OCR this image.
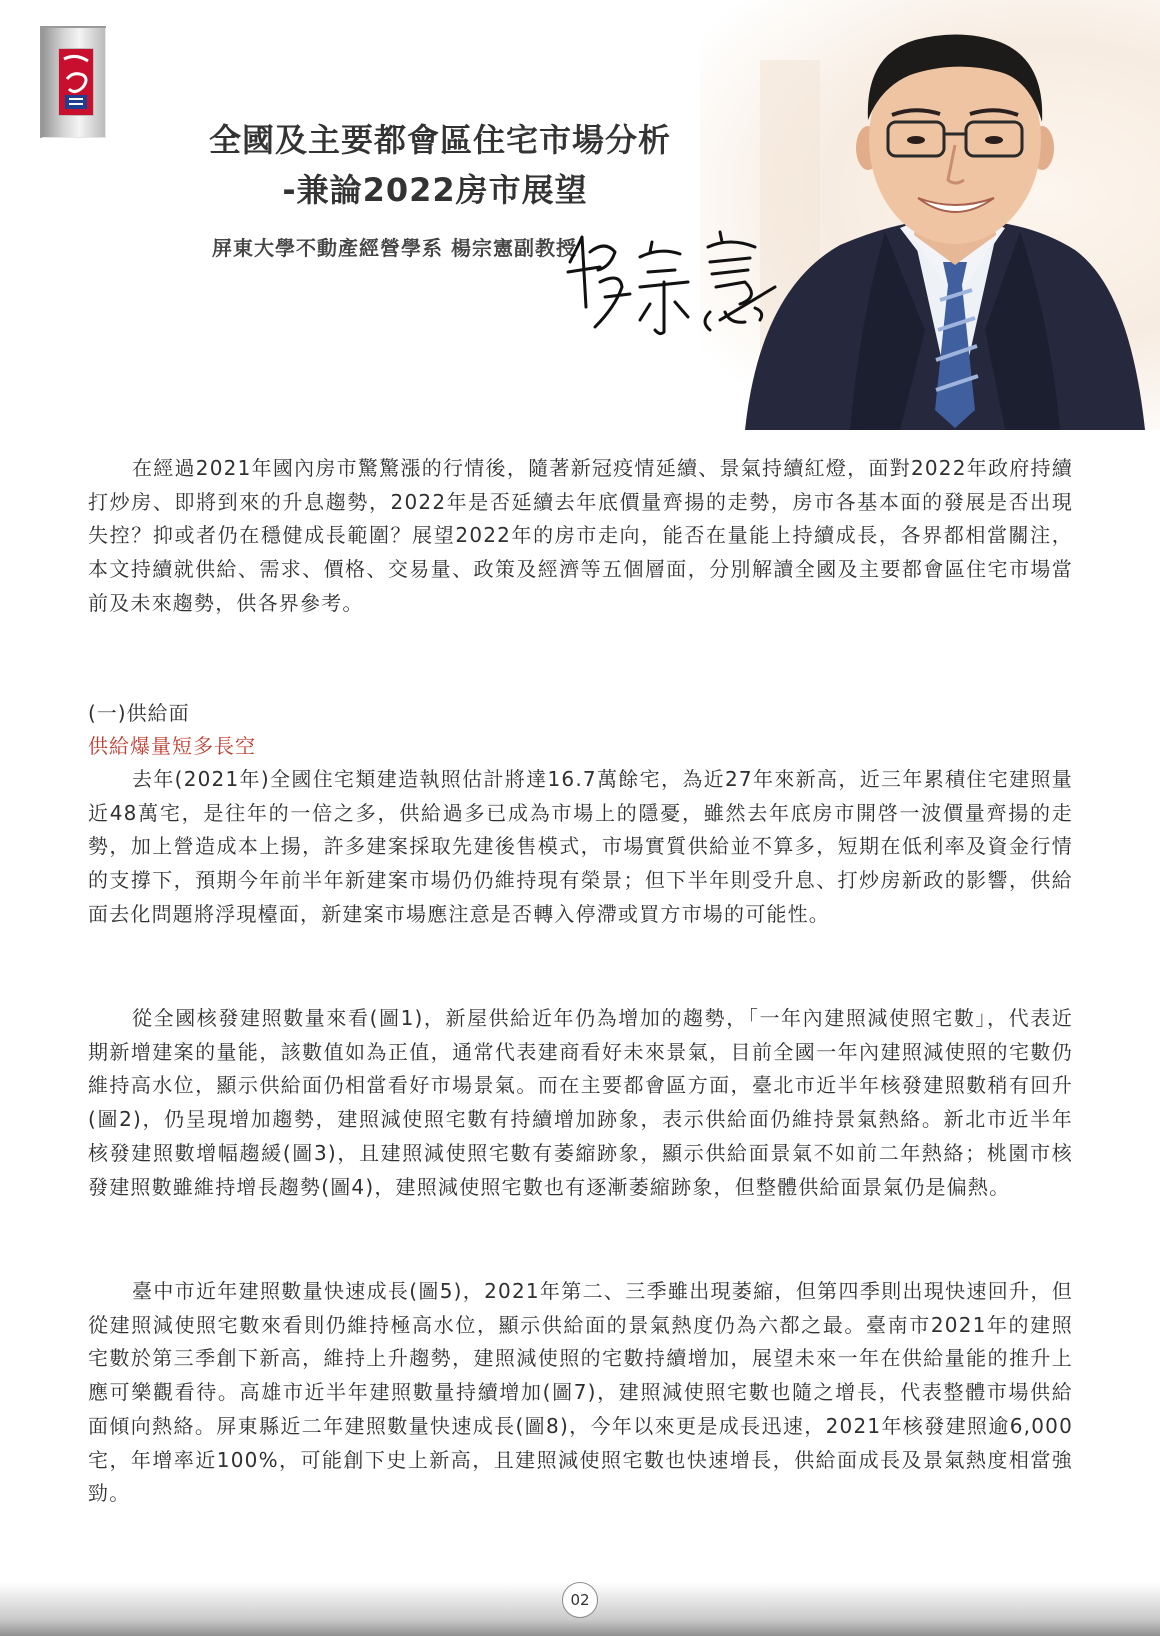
全國及主要都會區住宅市場分析
-兼論2022房市展望

屏東大學不動產經營學系 楊宗憲副教授

在經過2021年國內房市驚驚漲的行情後，隨著新冠疫情延續、景氣持續紅燈，面對2022年政府持續打炒房、即將到來的升息趨勢，2022年是否延續去年底價量齊揚的走勢，房市各基本面的發展是否出現失控？抑或者仍在穩健成長範圍？展望2022年的房市走向，能否在量能上持續成長，各界都相當關注，本文持續就供給、需求、價格、交易量、政策及經濟等五個層面，分別解讀全國及主要都會區住宅市場當前及未來趨勢，供各界參考。

(一)供給面

供給爆量短多長空

去年(2021年)全國住宅類建造執照估計將達16.7萬餘宅，為近27年來新高，近三年累積住宅建照量近48萬宅，是往年的一倍之多，供給過多已成為市場上的隱憂，雖然去年底房市開啓一波價量齊揚的走勢，加上營造成本上揚，許多建案採取先建後售模式，市場實質供給並不算多，短期在低利率及資金行情的支撐下，預期今年前半年新建案市場仍仍維持現有榮景；但下半年則受升息、打炒房新政的影響，供給面去化問題將浮現檯面，新建案市場應注意是否轉入停滯或買方市場的可能性。

從全國核發建照數量來看(圖1)，新屋供給近年仍為增加的趨勢，「一年內建照減使照宅數」，代表近期新增建案的量能，該數值如為正值，通常代表建商看好未來景氣，目前全國一年內建照減使照的宅數仍維持高水位，顯示供給面仍相當看好市場景氣。而在主要都會區方面，臺北市近半年核發建照數稍有回升(圖2)，仍呈現增加趨勢，建照減使照宅數有持續增加跡象，表示供給面仍維持景氣熱絡。新北市近半年核發建照數增幅趨緩(圖3)，且建照減使照宅數有萎縮跡象，顯示供給面景氣不如前二年熱絡；桃園市核發建照數雖維持增長趨勢(圖4)，建照減使照宅數也有逐漸萎縮跡象，但整體供給面景氣仍是偏熱。

臺中市近年建照數量快速成長(圖5)，2021年第二、三季雖出現萎縮，但第四季則出現快速回升，但從建照減使照宅數來看則仍維持極高水位，顯示供給面的景氣熱度仍為六都之最。臺南市2021年的建照宅數於第三季創下新高，維持上升趨勢，建照減使照的宅數持續增加，展望未來一年在供給量能的推升上應可樂觀看待。高雄市近半年建照數量持續增加(圖7)，建照減使照宅數也隨之增長，代表整體市場供給面傾向熱絡。屏東縣近二年建照數量快速成長(圖8)，今年以來更是成長迅速，2021年核發建照逾6,000宅，年增率近100%，可能創下史上新高，且建照減使照宅數也快速增長，供給面成長及景氣熱度相當強勁。

02
